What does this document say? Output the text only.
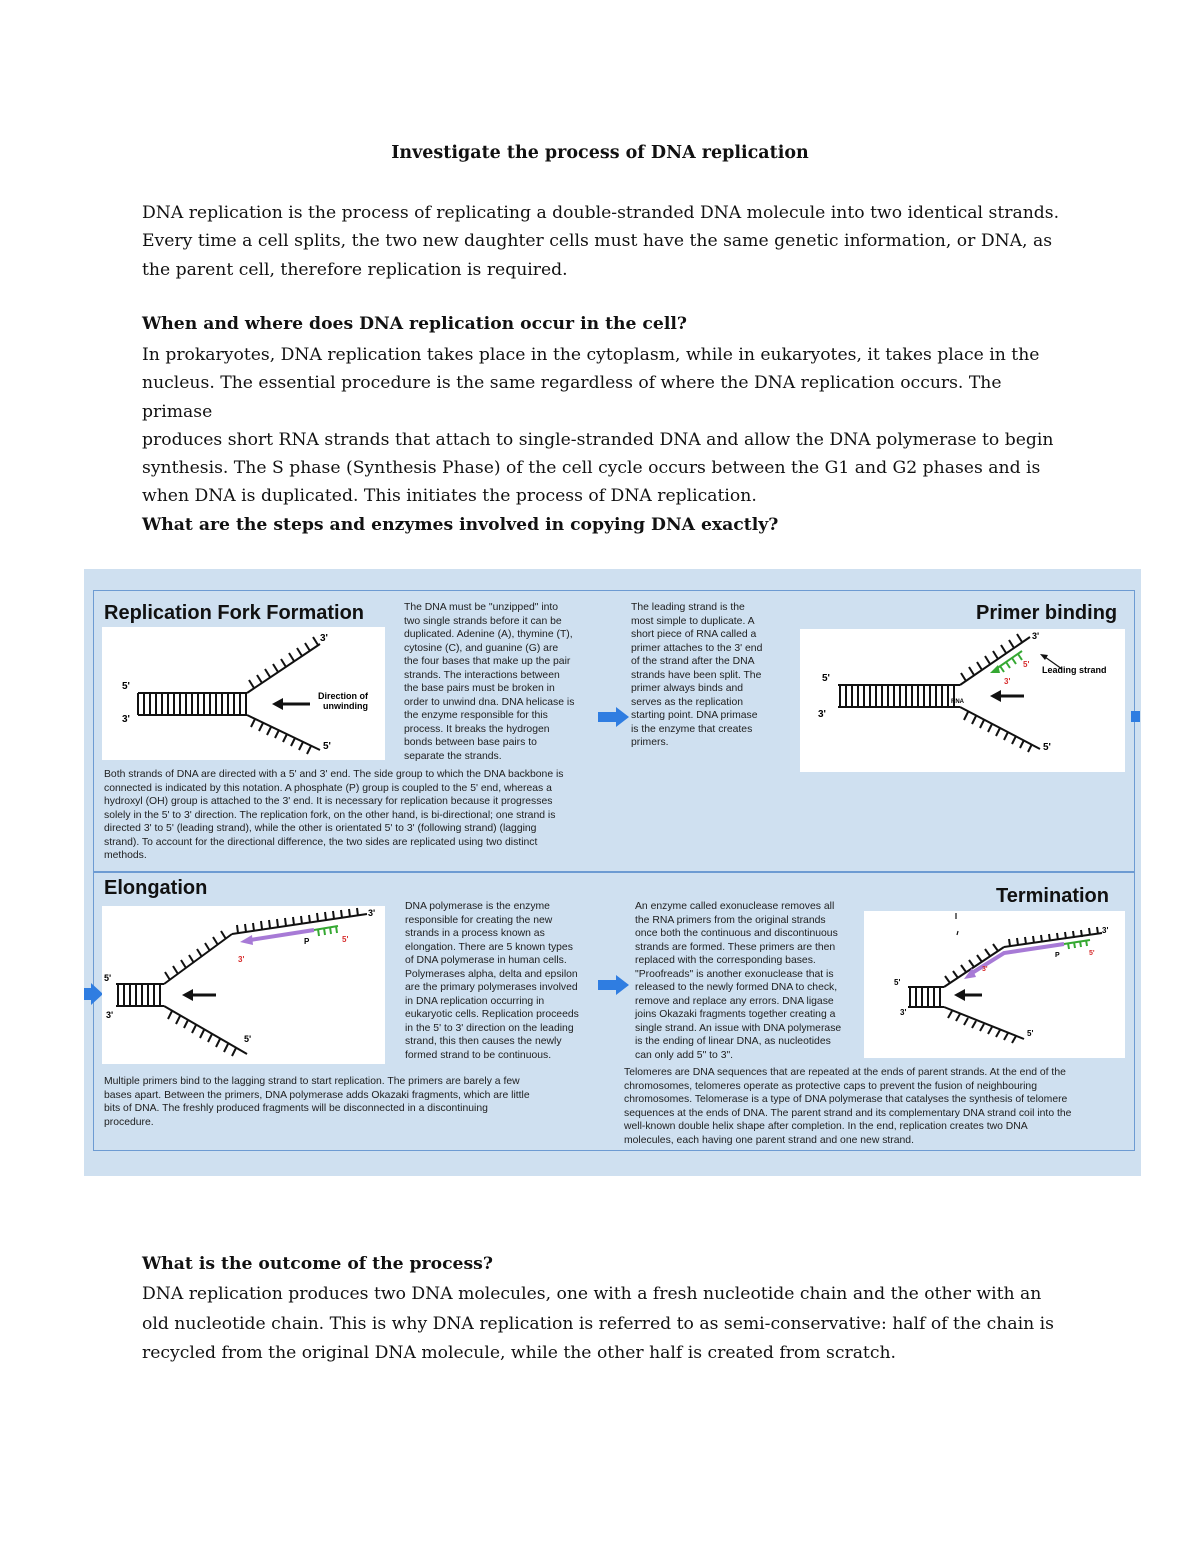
Investigate the process of DNA replication
DNA replication is the process of replicating a double-stranded DNA molecule into two identical strands.
Every time a cell splits, the two new daughter cells must have the same genetic information, or DNA, as
the parent cell, therefore replication is required.
When and where does DNA replication occur in the cell?
In prokaryotes, DNA replication takes place in the cytoplasm, while in eukaryotes, it takes place in the
nucleus. The essential procedure is the same regardless of where the DNA replication occurs. The primase
produces short RNA strands that attach to single-stranded DNA and allow the DNA polymerase to begin
synthesis. The S phase (Synthesis Phase) of the cell cycle occurs between the G1 and G2 phases and is
when DNA is duplicated. This initiates the process of DNA replication.
What are the steps and enzymes involved in copying DNA exactly?
Replication Fork Formation
3'
5'
3'
5'
Direction of
unwinding
The DNA must be "unzipped" into
two single strands before it can be
duplicated. Adenine (A), thymine (T),
cytosine (C), and guanine (G) are
the four bases that make up the pair
strands. The interactions between
the base pairs must be broken in
order to unwind dna. DNA helicase is
the enzyme responsible for this
process. It breaks the hydrogen
bonds between base pairs to
separate the strands.
Both strands of DNA are directed with a 5' and 3' end. The side group to which the DNA backbone is
connected is indicated by this notation. A phosphate (P) group is coupled to the 5' end, whereas a
hydroxyl (OH) group is attached to the 3' end. It is necessary for replication because it progresses
solely in the 5' to 3' direction. The replication fork, on the other hand, is bi-directional; one strand is
directed 3' to 5' (leading strand), while the other is orientated 5' to 3' (following strand) (lagging
strand). To account for the directional difference, the two sides are replicated using two distinct
methods.
The leading strand is the
most simple to duplicate. A
short piece of RNA called a
primer attaches to the 3' end
of the strand after the DNA
strands have been split. The
primer always binds and
serves as the replication
starting point. DNA primase
is the enzyme that creates
primers.
Primer binding
3'
5'
3'
Leading strand
5'
3'
5'
RNA
Elongation
3'
5'
3'
P
5'
3'
5'
DNA polymerase is the enzyme
responsible for creating the new
strands in a process known as
elongation. There are 5 known types
of DNA polymerase in human cells.
Polymerases alpha, delta and epsilon
are the primary polymerases involved
in DNA replication occurring in
eukaryotic cells. Replication proceeds
in the 5' to 3' direction on the leading
strand, this then causes the newly
formed strand to be continuous.
Multiple primers bind to the lagging strand to start replication. The primers are barely a few
bases apart. Between the primers, DNA polymerase adds Okazaki fragments, which are little
bits of DNA. The freshly produced fragments will be disconnected in a discontinuing
procedure.
An enzyme called exonuclease removes all
the RNA primers from the original strands
once both the continuous and discontinuous
strands are formed. These primers are then
replaced with the corresponding bases.
"Proofreads" is another exonuclease that is
released to the newly formed DNA to check,
remove and replace any errors. DNA ligase
joins Okazaki fragments together creating a
single strand. An issue with DNA polymerase
is the ending of linear DNA, as nucleotides
can only add 5" to 3".
Termination
3'
5'
3'
P
5'
3'
5'
Telomeres are DNA sequences that are repeated at the ends of parent strands. At the end of the
chromosomes, telomeres operate as protective caps to prevent the fusion of neighbouring
chromosomes. Telomerase is a type of DNA polymerase that catalyses the synthesis of telomere
sequences at the ends of DNA. The parent strand and its complementary DNA strand coil into the
well-known double helix shape after completion. In the end, replication creates two DNA
molecules, each having one parent strand and one new strand.
What is the outcome of the process?
DNA replication produces two DNA molecules, one with a fresh nucleotide chain and the other with an
old nucleotide chain. This is why DNA replication is referred to as semi-conservative: half of the chain is
recycled from the original DNA molecule, while the other half is created from scratch.
